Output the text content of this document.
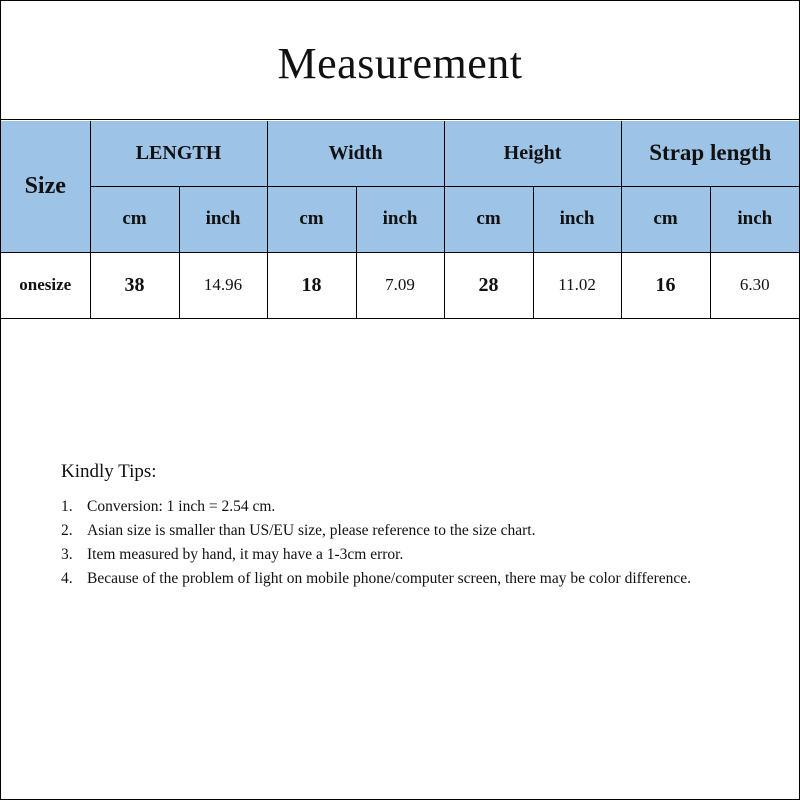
Measurement
Size	LENGTH		Width		Height		Strap length	
	cm	inch	cm	inch	cm	inch	cm	inch
onesize	38	14.96	18	7.09	28	11.02	16	6.30

Kindly Tips:

1. Conversion: 1 inch = 2.54 cm.
2. Asian size is smaller than US/EU size, please reference to the size chart.
3. Item measured by hand, it may have a 1-3cm error.
4. Because of the problem of light on mobile phone/computer screen, there may be color difference.
